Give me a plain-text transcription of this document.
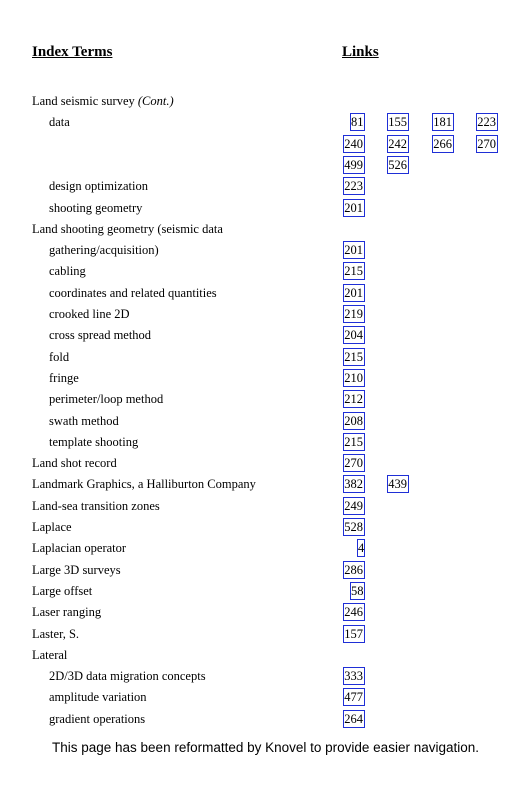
Index Terms	Links
Land seismic survey (Cont.)
data	81 155 181 223
240 242 266 270
499 526
design optimization	223
shooting geometry	201
Land shooting geometry (seismic data
gathering/acquisition)	201
cabling	215
coordinates and related quantities	201
crooked line 2D	219
cross spread method	204
fold	215
fringe	210
perimeter/loop method	212
swath method	208
template shooting	215
Land shot record	270
Landmark Graphics, a Halliburton Company	382 439
Land-sea transition zones	249
Laplace	528
Laplacian operator	4
Large 3D surveys	286
Large offset	58
Laser ranging	246
Laster, S.	157
Lateral
2D/3D data migration concepts	333
amplitude variation	477
gradient operations	264
This page has been reformatted by Knovel to provide easier navigation.
